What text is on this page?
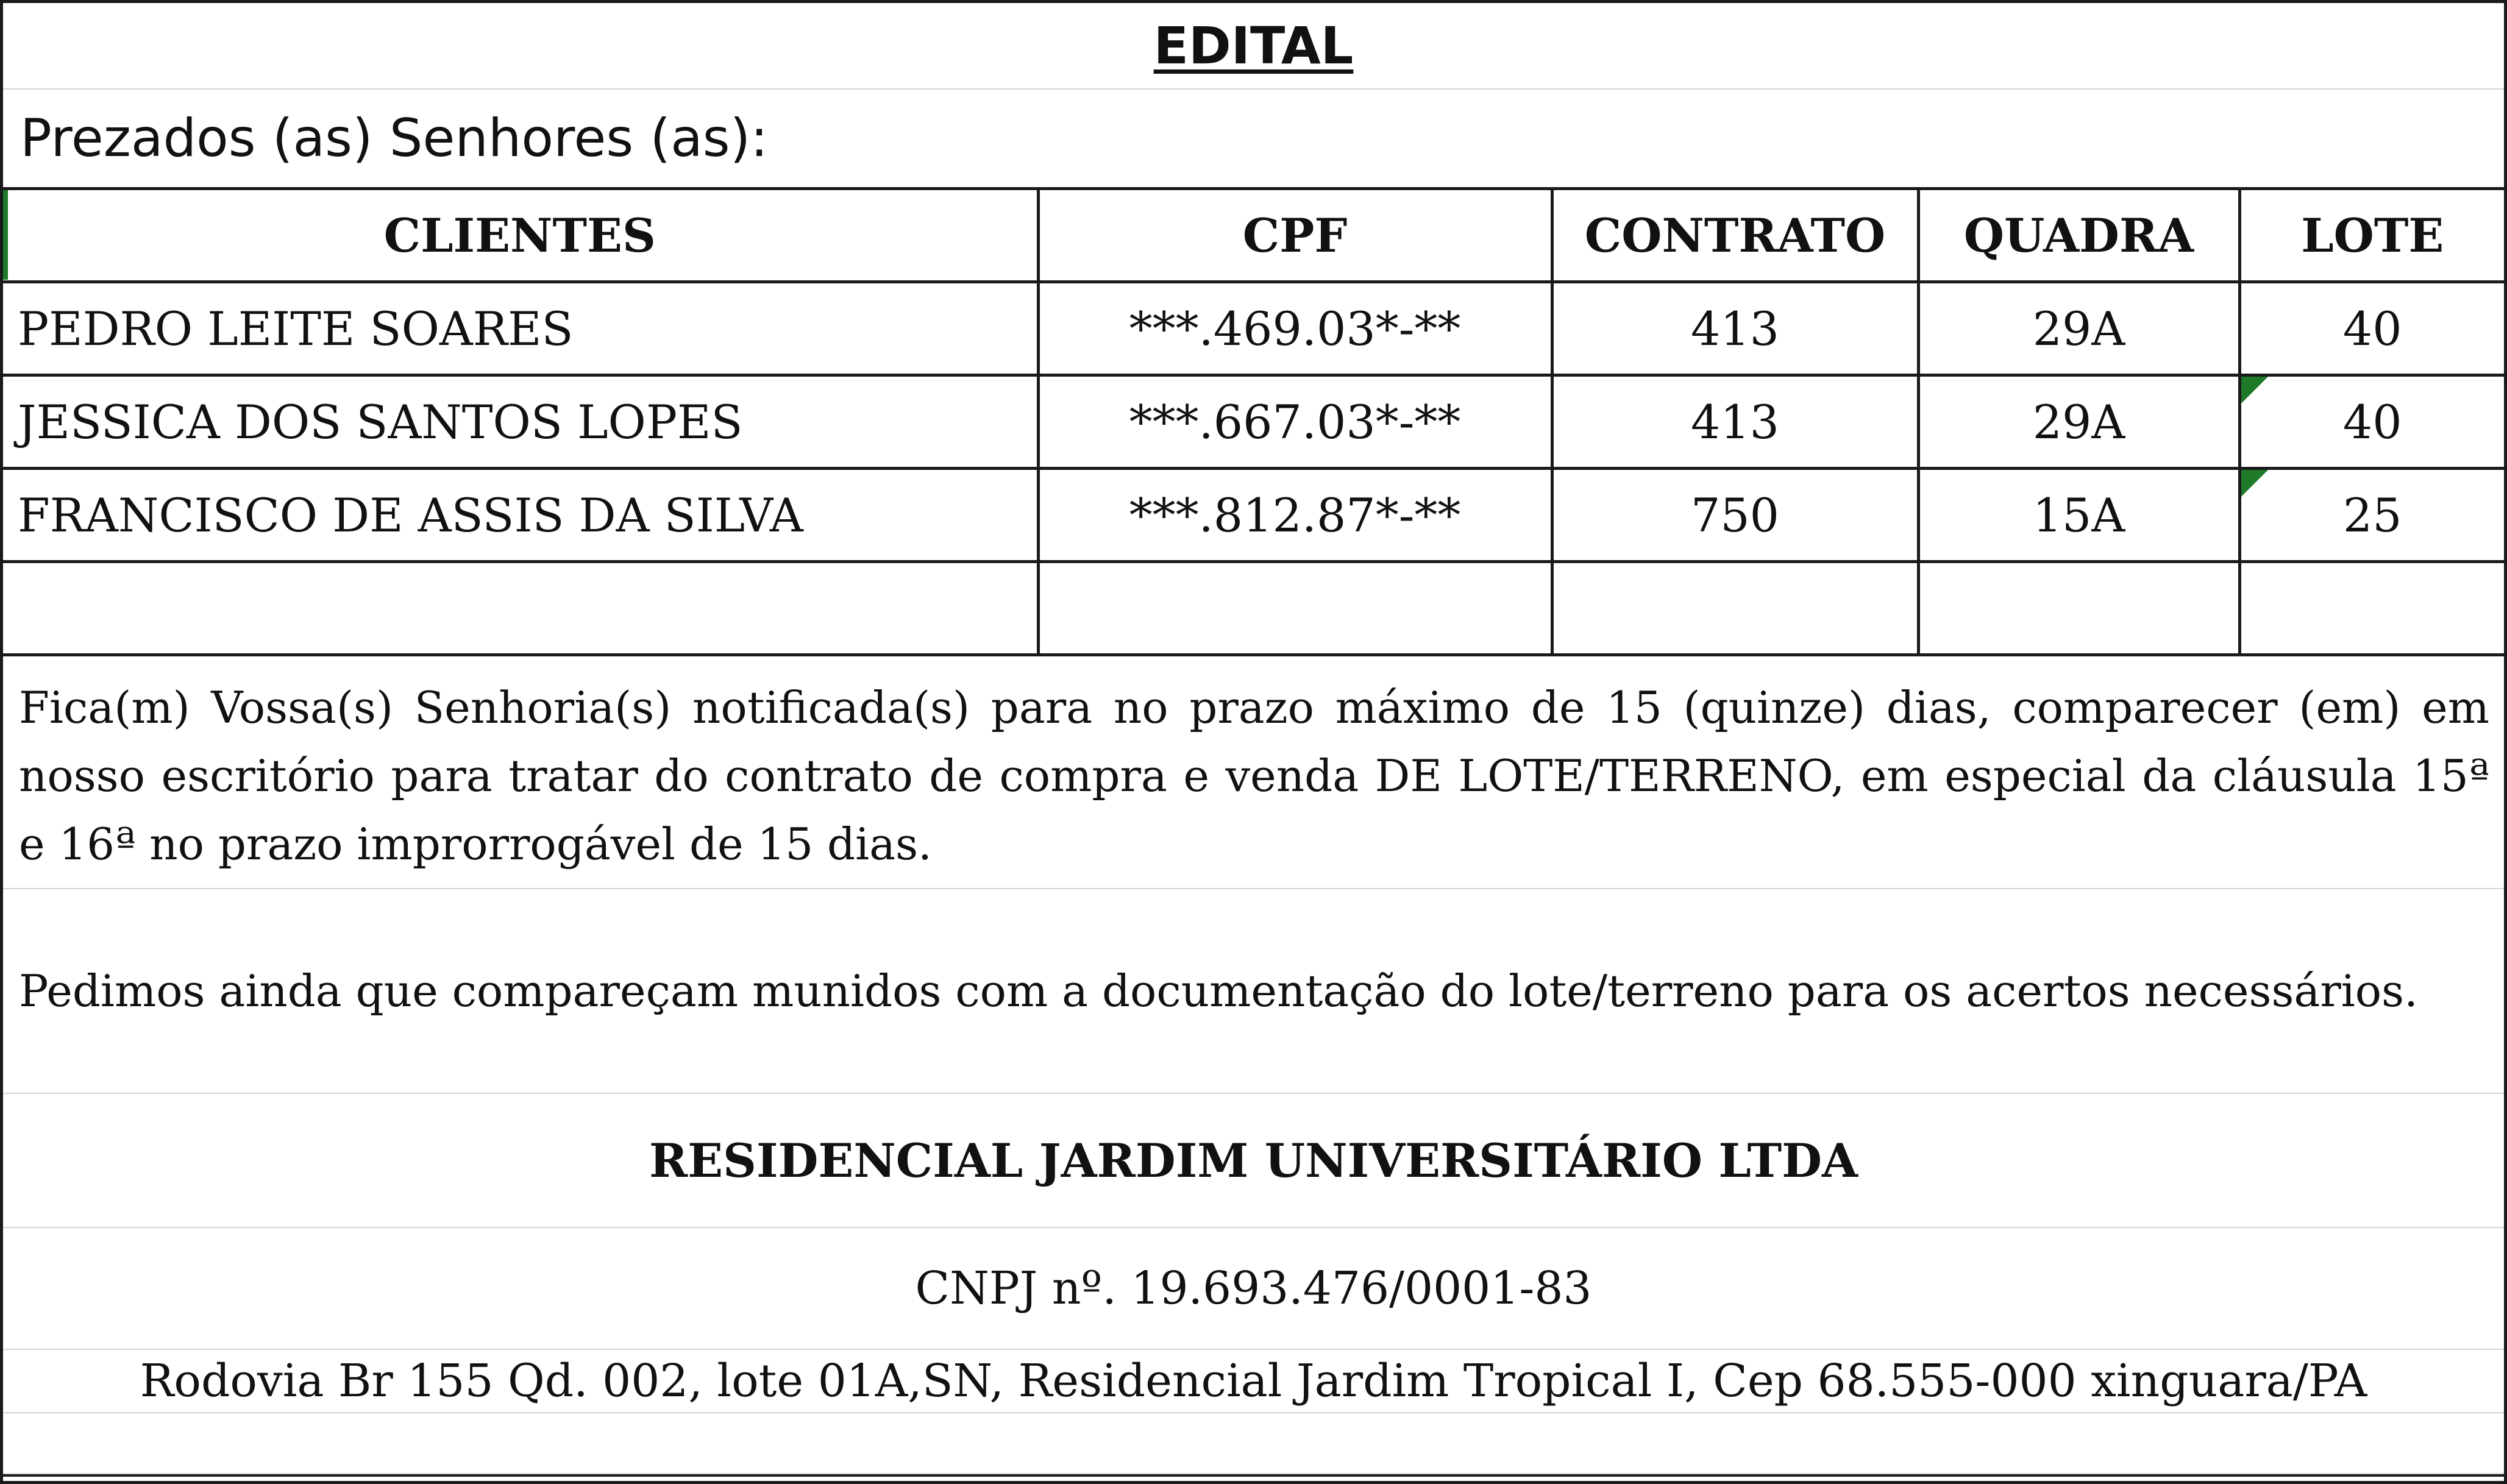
EDITAL
Prezados (as) Senhores (as):
CLIENTES	CPF	CONTRATO	QUADRA	LOTE
PEDRO LEITE SOARES	***.469.03*-**	413	29A	40
JESSICA DOS SANTOS LOPES	***.667.03*-**	413	29A	40
FRANCISCO DE ASSIS DA SILVA	***.812.87*-**	750	15A	25

Fica(m) Vossa(s) Senhoria(s) notificada(s) para no prazo máximo de 15 (quinze) dias, comparecer (em) em nosso escritório para tratar do contrato de compra e venda DE LOTE/TERRENO, em especial da cláusula 15ª e 16ª no prazo improrrogável de 15 dias.

Pedimos ainda que compareçam munidos com a documentação do lote/terreno para os acertos necessários.
RESIDENCIAL JARDIM UNIVERSITÁRIO LTDA
CNPJ nº. 19.693.476/0001-83
Rodovia Br 155 Qd. 002, lote 01A,SN, Residencial Jardim Tropical I, Cep 68.555-000 xinguara/PA
